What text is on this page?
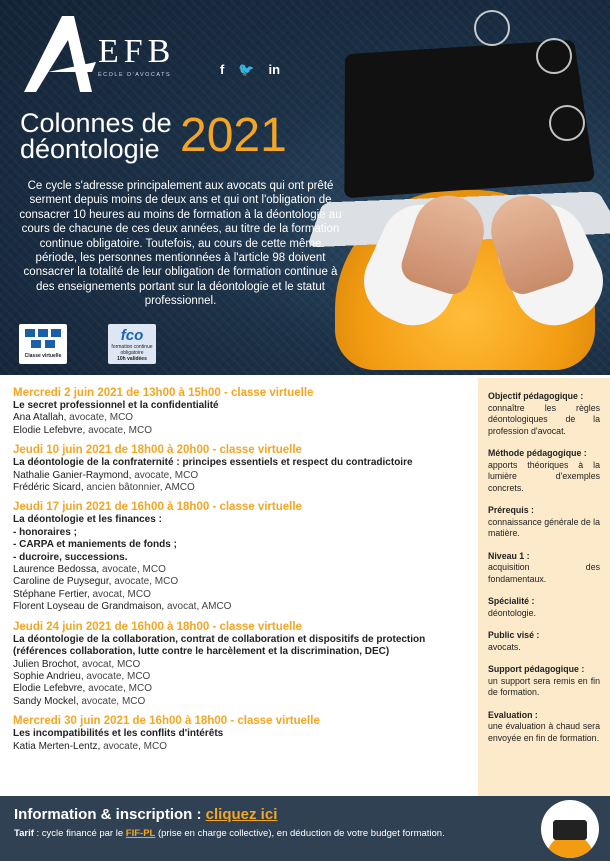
EFB
ÉCOLE D'AVOCATS	f 🐦 in
Colonnes de
déontologie 2021
Ce cycle s'adresse principalement aux avocats qui ont prêté serment depuis moins de deux ans et qui ont l'obligation de consacrer 10 heures au moins de formation à la déontologie au cours de chacune de ces deux années, au titre de la formation continue obligatoire. Toutefois, au cours de cette même période, les personnes mentionnées à l'article 98 doivent consacrer la totalité de leur obligation de formation continue à des enseignements portant sur la déontologie et le statut professionnel.
Classe virtuelle
fco
formation continue obligatoire
10h validées
Mercredi 2 juin 2021 de 13h00 à 15h00 - classe virtuelle
Le secret professionnel et la confidentialité
Ana Atallah, avocate, MCO
Elodie Lefebvre, avocate, MCO
Jeudi 10 juin 2021 de 18h00 à 20h00 - classe virtuelle
La déontologie de la confraternité : principes essentiels et respect du contradictoire
Nathalie Ganier-Raymond, avocate, MCO
Frédéric Sicard, ancien bâtonnier, AMCO
Jeudi 17 juin 2021 de 16h00 à 18h00 - classe virtuelle
La déontologie et les finances :
- honoraires ;
- CARPA et maniements de fonds ;
- ducroire, successions.
Laurence Bedossa, avocate, MCO
Caroline de Puysegur, avocate, MCO
Stéphane Fertier, avocat, MCO
Florent Loyseau de Grandmaison, avocat, AMCO
Jeudi 24 juin 2021 de 16h00 à 18h00 - classe virtuelle
La déontologie de la collaboration, contrat de collaboration et dispositifs de protection
(références collaboration, lutte contre le harcèlement et la discrimination, DEC)
Julien Brochot, avocat, MCO
Sophie Andrieu, avocate, MCO
Elodie Lefebvre, avocate, MCO
Sandy Mockel, avocate, MCO
Mercredi 30 juin 2021 de 16h00 à 18h00 - classe virtuelle
Les incompatibilités et les conflits d'intérêts
Katia Merten-Lentz, avocate, MCO
Objectif pédagogique :
connaître les règles déontologiques de la profession d'avocat.
Méthode pédagogique :
apports théoriques à la lumière d'exemples concrets.
Prérequis :
connaissance générale de la matière.
Niveau 1 :
acquisition des fondamentaux.
Spécialité :
déontologie.
Public visé :
avocats.
Support pédagogique :
un support sera remis en fin de formation.
Evaluation :
une évaluation à chaud sera envoyée en fin de formation.
Information & inscription : cliquez ici
Tarif : cycle financé par le FIF-PL (prise en charge collective), en déduction de votre budget formation.
